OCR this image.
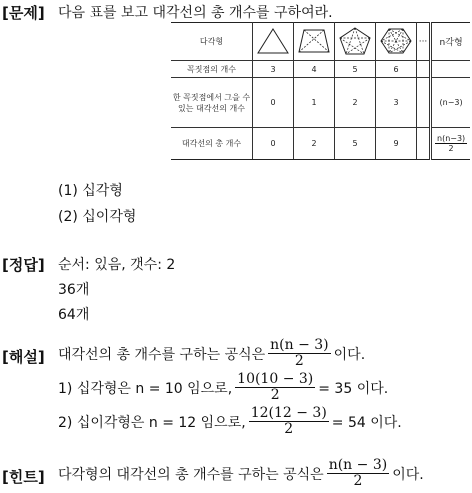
[문제] 다음 표를 보고 대각선의 총 개수를 구하여라.
다각형					···	n각형
꼭짓점의 개수	3	4	5	6		
한 꼭짓점에서 그을 수 있는 대각선의 개수	0	1	2	3		(n−3)
대각선의 총 개수	0	2	5	9		$\frac{n(n-3)}{2}$
(1) 십각형
(2) 십이각형
[정답] 순서: 있음, 갯수: 2
36개
64개
[해설] 대각선의 총 개수를 구하는 공식은 $\frac{n(n - 3)}{2}$ 이다.
1) 십각형은 n = 10 임으로, $\frac{10(10 - 3)}{2} = 35$ 이다.
2) 십이각형은 n = 12 임으로, $\frac{12(12 - 3)}{2} = 54$ 이다.
[힌트] 다각형의 대각선의 총 개수를 구하는 공식은 $\frac{n(n - 3)}{2}$ 이다.
